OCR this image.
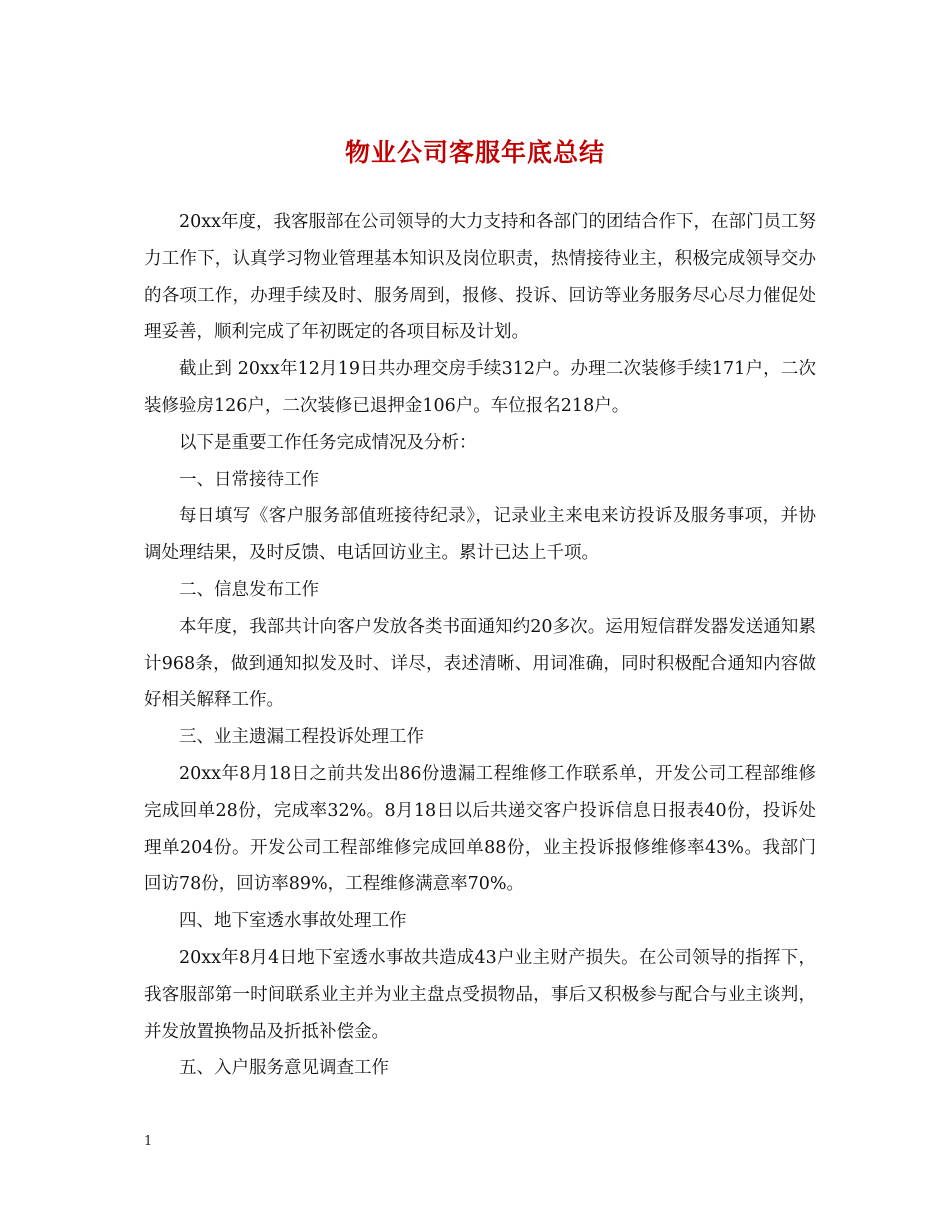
物业公司客服年底总结

20xx年度，我客服部在公司领导的大力支持和各部门的团结合作下，在部门员工努力工作下，认真学习物业管理基本知识及岗位职责，热情接待业主，积极完成领导交办的各项工作，办理手续及时、服务周到，报修、投诉、回访等业务服务尽心尽力催促处理妥善，顺利完成了年初既定的各项目标及计划。

截止到 20xx年12月19日共办理交房手续312户。办理二次装修手续171户，二次装修验房126户，二次装修已退押金106户。车位报名218户。

以下是重要工作任务完成情况及分析：

一、日常接待工作

每日填写《客户服务部值班接待纪录》，记录业主来电来访投诉及服务事项，并协调处理结果，及时反馈、电话回访业主。累计已达上千项。

二、信息发布工作

本年度，我部共计向客户发放各类书面通知约20多次。运用短信群发器发送通知累计968条，做到通知拟发及时、详尽，表述清晰、用词准确，同时积极配合通知内容做好相关解释工作。

三、业主遗漏工程投诉处理工作

20xx年8月18日之前共发出86份遗漏工程维修工作联系单，开发公司工程部维修完成回单28份，完成率32%。8月18日以后共递交客户投诉信息日报表40份，投诉处理单204份。开发公司工程部维修完成回单88份，业主投诉报修维修率43%。我部门回访78份，回访率89%，工程维修满意率70%。

四、地下室透水事故处理工作

20xx年8月4日地下室透水事故共造成43户业主财产损失。在公司领导的指挥下，我客服部第一时间联系业主并为业主盘点受损物品，事后又积极参与配合与业主谈判，并发放置换物品及折抵补偿金。

五、入户服务意见调查工作

1
